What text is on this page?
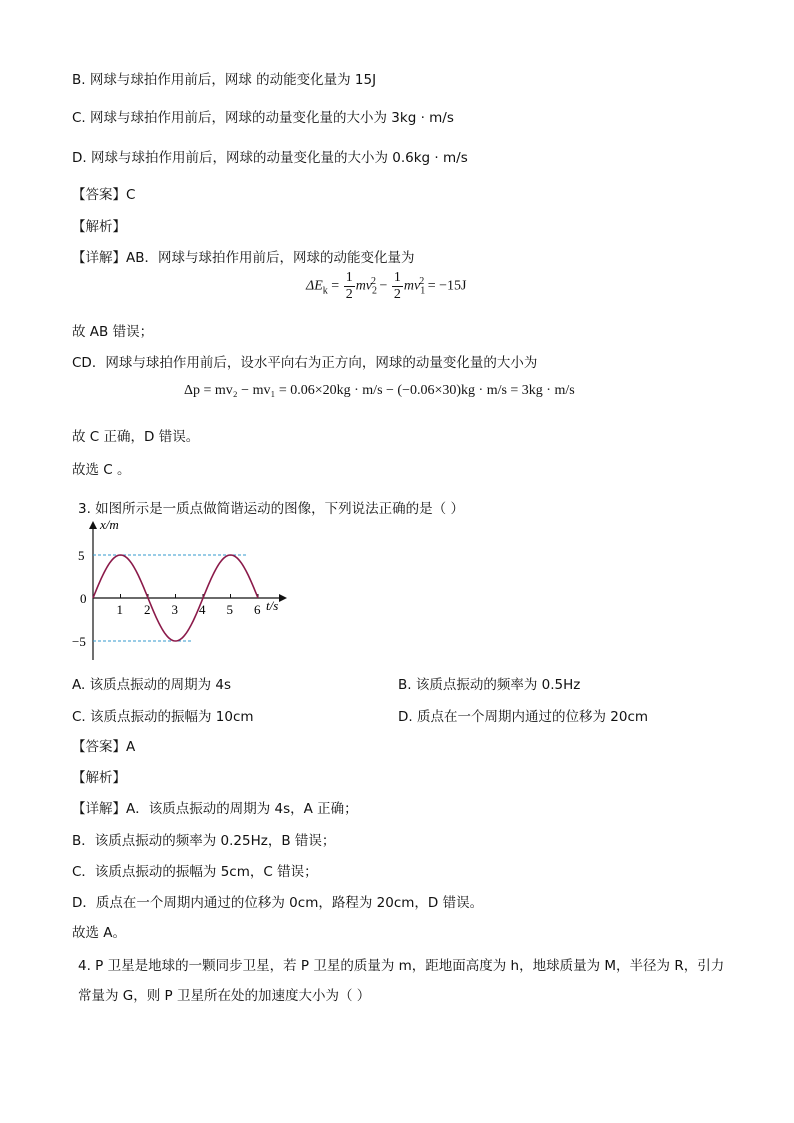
B. 网球与球拍作用前后，网球 的动能变化量为 15J
C. 网球与球拍作用前后，网球的动量变化量的大小为 3kg · m/s
D. 网球与球拍作用前后，网球的动量变化量的大小为 0.6kg · m/s
【答案】C
【解析】
【详解】AB．网球与球拍作用前后，网球的动能变化量为
$\Delta E_k = \frac{1}{2} mv_2^2 - \frac{1}{2} mv_1^2 = -15J$
故 AB 错误；
CD．网球与球拍作用前后，设水平向右为正方向，网球的动量变化量的大小为
Δp = mv₂ − mv₁ = 0.06×20kg · m/s − (−0.06×30)kg · m/s = 3kg · m/s
故 C 正确，D 错误。
故选 C 。
3. 如图所示是一质点做简谐运动的图像，下列说法正确的是（ ）
x/m
t/s
0
1 2 3 4 5 6
5
−5
A. 该质点振动的周期为 4s	B. 该质点振动的频率为 0.5Hz
C. 该质点振动的振幅为 10cm	D. 质点在一个周期内通过的位移为 20cm
【答案】A
【解析】
【详解】A．该质点振动的周期为 4s，A 正确；
B．该质点振动的频率为 0.25Hz，B 错误；
C．该质点振动的振幅为 5cm，C 错误；
D．质点在一个周期内通过的位移为 0cm，路程为 20cm，D 错误。
故选 A。
4. P 卫星是地球的一颗同步卫星，若 P 卫星的质量为 m，距地面高度为 h，地球质量为 M，半径为 R，引力
常量为 G，则 P 卫星所在处的加速度大小为（ ）
